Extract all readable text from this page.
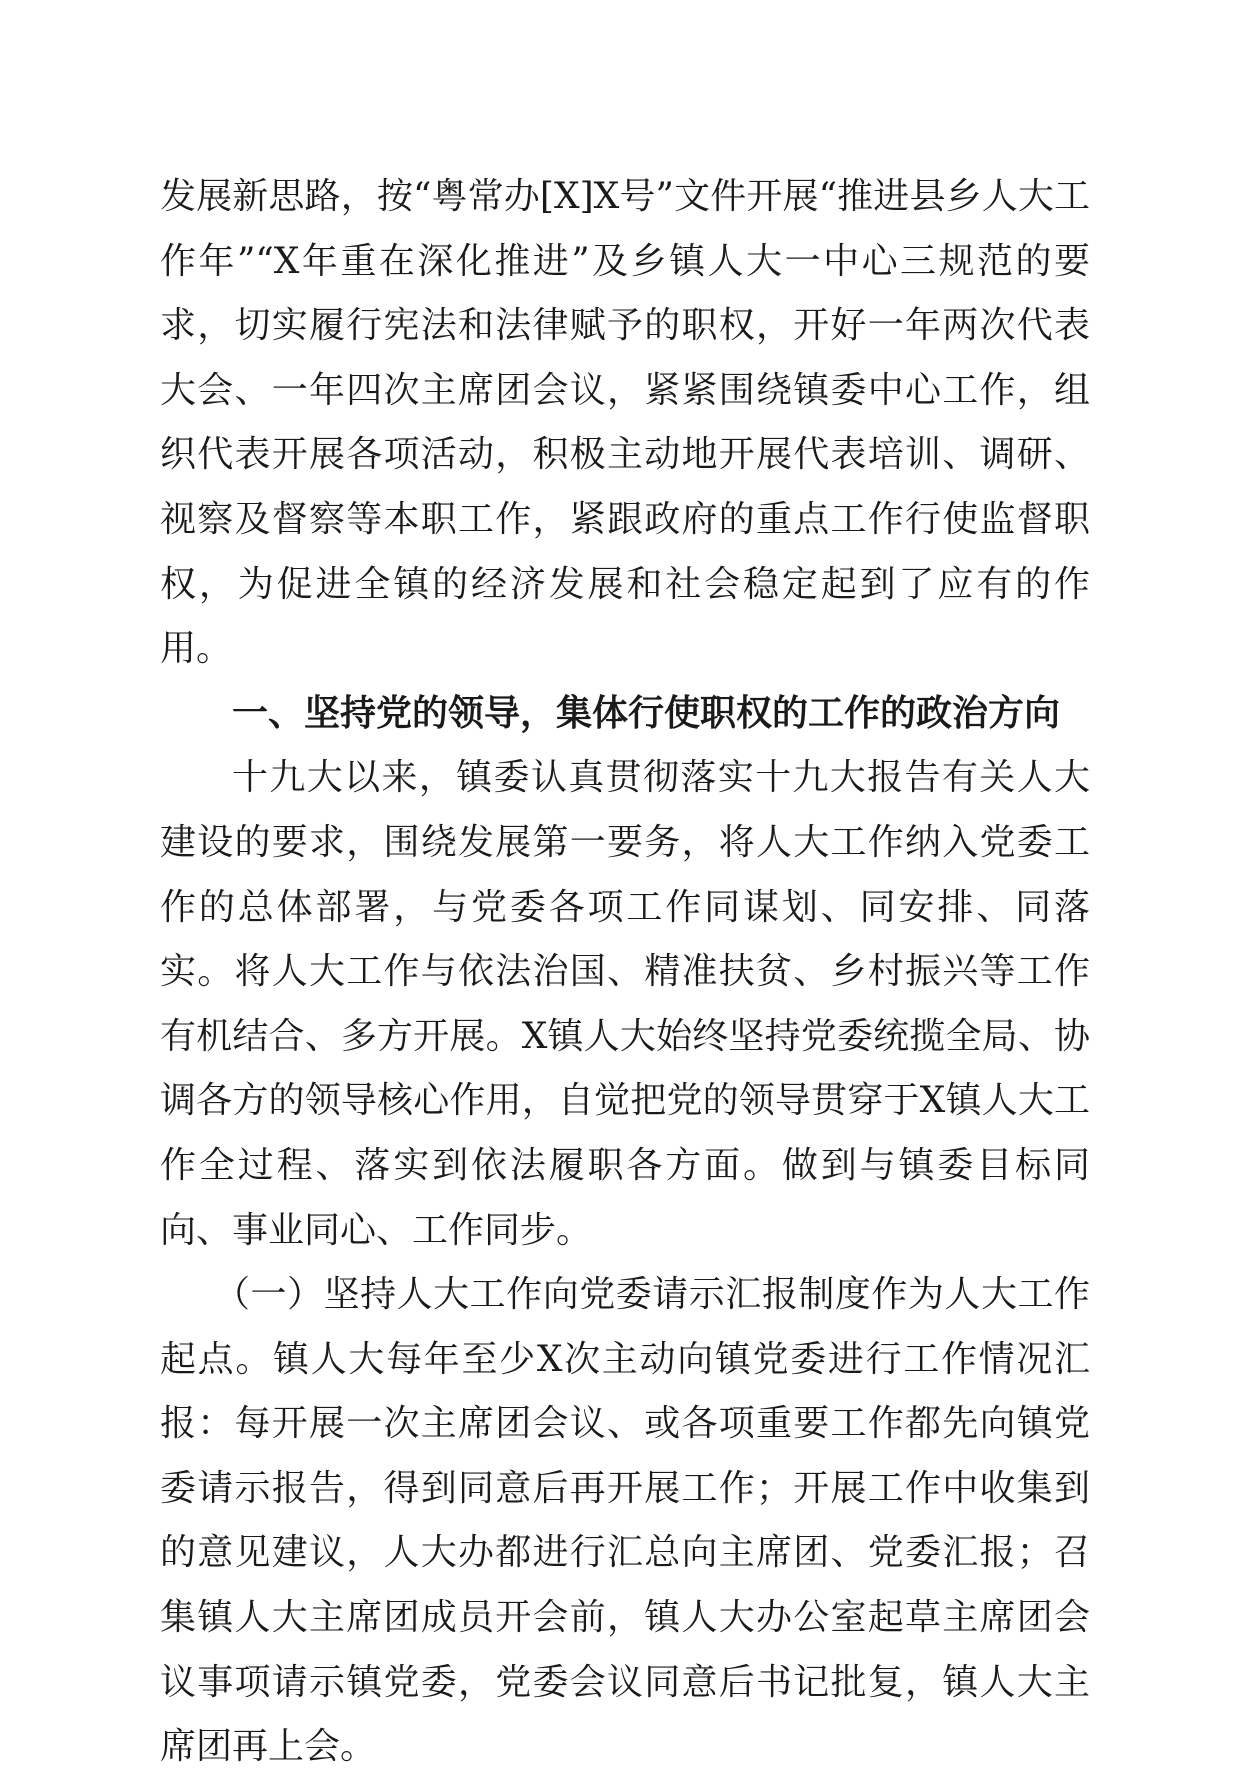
发展新思路，按“粤常办[X]X号”文件开展“推进县乡人大工作年”“X年重在深化推进”及乡镇人大一中心三规范的要求，切实履行宪法和法律赋予的职权，开好一年两次代表大会、一年四次主席团会议，紧紧围绕镇委中心工作，组织代表开展各项活动，积极主动地开展代表培训、调研、视察及督察等本职工作，紧跟政府的重点工作行使监督职权，为促进全镇的经济发展和社会稳定起到了应有的作用。

一、坚持党的领导，集体行使职权的工作的政治方向

十九大以来，镇委认真贯彻落实十九大报告有关人大建设的要求，围绕发展第一要务，将人大工作纳入党委工作的总体部署，与党委各项工作同谋划、同安排、同落实。将人大工作与依法治国、精准扶贫、乡村振兴等工作有机结合、多方开展。X镇人大始终坚持党委统揽全局、协调各方的领导核心作用，自觉把党的领导贯穿于X镇人大工作全过程、落实到依法履职各方面。做到与镇委目标同向、事业同心、工作同步。

（一）坚持人大工作向党委请示汇报制度作为人大工作起点。镇人大每年至少X次主动向镇党委进行工作情况汇报：每开展一次主席团会议、或各项重要工作都先向镇党委请示报告，得到同意后再开展工作；开展工作中收集到的意见建议，人大办都进行汇总向主席团、党委汇报；召集镇人大主席团成员开会前，镇人大办公室起草主席团会议事项请示镇党委，党委会议同意后书记批复，镇人大主席团再上会。
